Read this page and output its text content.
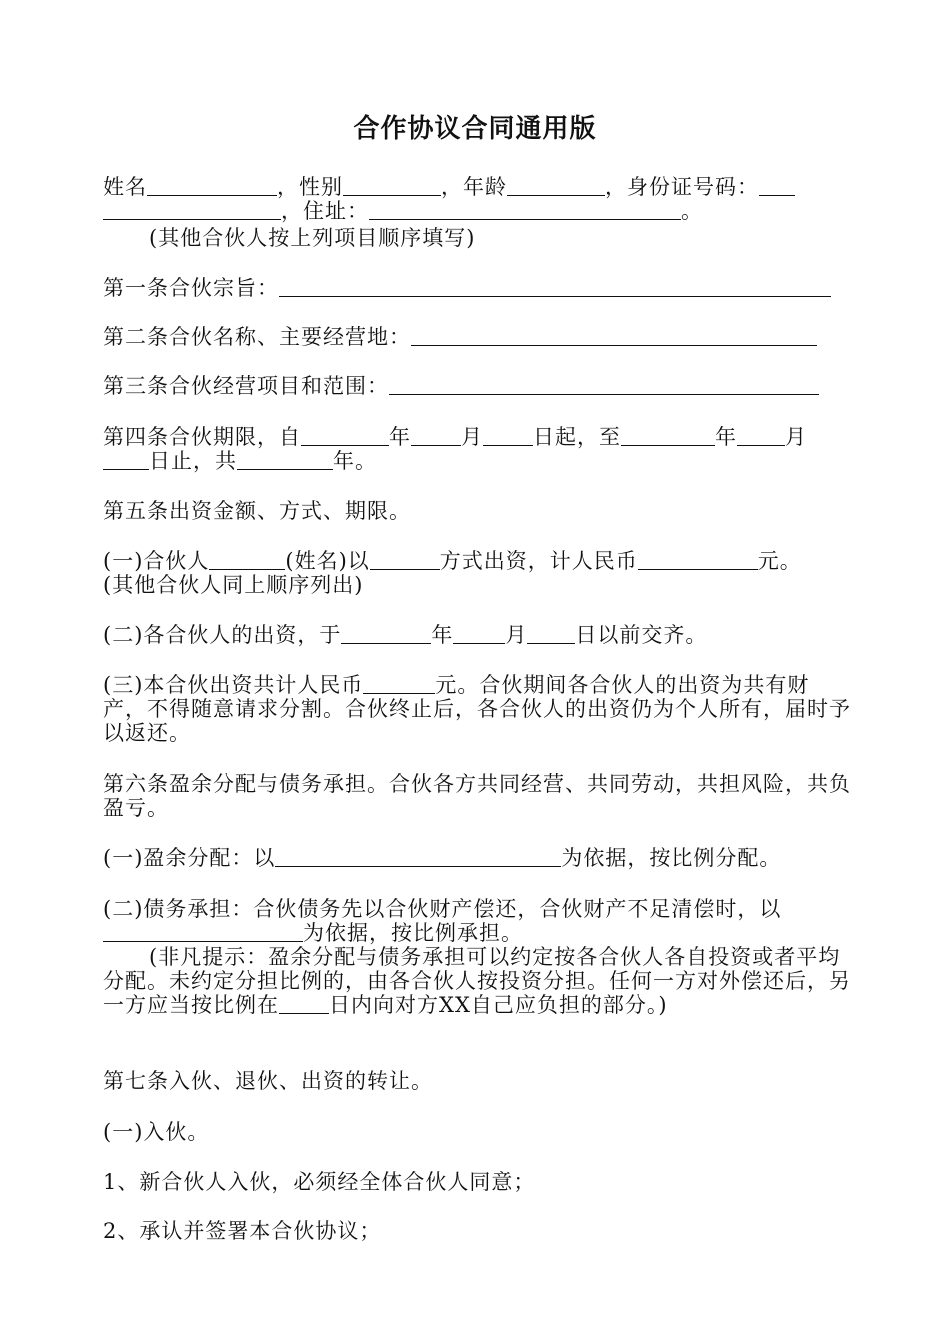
合作协议合同通用版

姓名	，性别	，年龄	，身份证号码：
，住址：	。

(其他合伙人按上列项目顺序填写)

第一条合伙宗旨：

第二条合伙名称、主要经营地：

第三条合伙经营项目和范围：

第四条合伙期限，自	年 月 日起，至	年 月
日止，共	年。

第五条出资金额、方式、期限。

(一)合伙人	(姓名)以	方式出资，计人民币	元。
(其他合伙人同上顺序列出)

(二)各合伙人的出资，于	年 月 日以前交齐。

(三)本合伙出资共计人民币	元。合伙期间各合伙人的出资为共有财产，不得随意请求分割。合伙终止后，各合伙人的出资仍为个人所有，届时予以返还。

第六条盈余分配与债务承担。合伙各方共同经营、共同劳动，共担风险，共负盈亏。

(一)盈余分配：以	为依据，按比例分配。

(二)债务承担：合伙债务先以合伙财产偿还，合伙财产不足清偿时，以
为依据，按比例承担。

(非凡提示：盈余分配与债务承担可以约定按各合伙人各自投资或者平均分配。未约定分担比例的，由各合伙人按投资分担。任何一方对外偿还后，另一方应当按比例在 日内向对方XX自己应负担的部分。)

第七条入伙、退伙、出资的转让。

(一)入伙。

1、新合伙人入伙，必须经全体合伙人同意；

2、承认并签署本合伙协议；
